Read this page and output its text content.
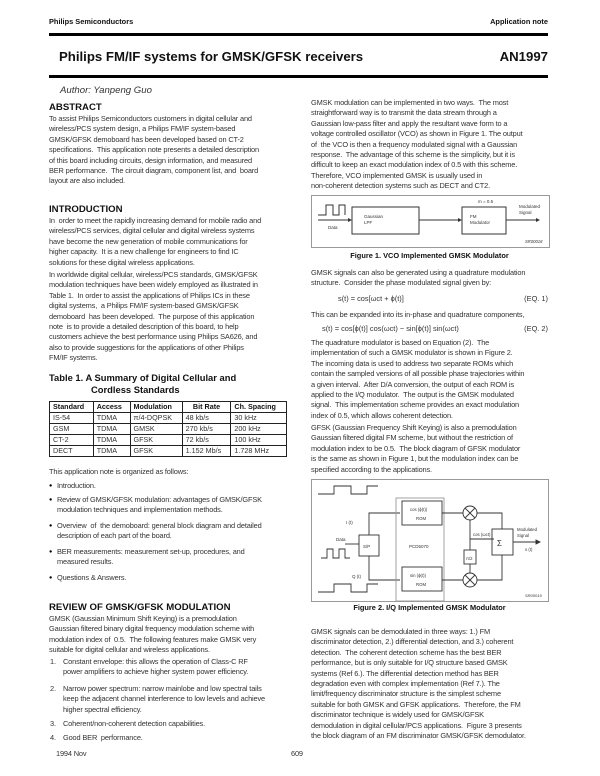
Philips Semiconductors	Application note
Philips FM/IF systems for GMSK/GFSK receivers	AN1997
Author: Yanpeng Guo
ABSTRACT
To assist Philips Semiconductors customers in digital cellular and
wireless/PCS system design, a Philips FM/IF system-based
GMSK/GFSK demoboard has been developed based on CT-2
specifications.  This application note presents a detailed description
of this board including circuits, design information, and measured
BER performance.  The circuit diagram, component list, and  board
layout are also included.
INTRODUCTION
In  order to meet the rapidly increasing demand for mobile radio and
wireless/PCS services, digital cellular and digital wireless systems
have become the new generation of mobile communications for
higher capacity.  It is a new challenge for engineers to find IC
solutions for these digital wireless applications.
In worldwide digital cellular, wireless/PCS standards, GMSK/GFSK
modulation techniques have been widely employed as illustrated in
Table 1.  In order to assist the applications of Philips ICs in these
digital systems,  a Philips FM/IF system-based GMSK/GFSK
demoboard  has been developed.  The purpose of this application
note  is to provide a detailed description of this board, to help
customers achieve the best performance using Philips SA626, and
also to provide suggestions for the applications of other Philips
FM/IF systems.
Table 1. A Summary of Digital Cellular and
Cordless Standards
Standard	Access	Modulation	Bit Rate	Ch. Spacing
IS-54	TDMA	π/4-DQPSK	48 kb/s	30 kHz
GSM	TDMA	GMSK	270 kb/s	200 kHz
CT-2	TDMA	GFSK	72 kb/s	100 kHz
DECT	TDMA	GFSK	1.152 Mb/s	1.728 MHz
This application note is organized as follows:
● Introduction.
● Review of GMSK/GFSK modulation: advantages of GMSK/GFSK
modulation techniques and implementation methods.
● Overview  of  the demoboard: general block diagram and detailed
description of each part of the board.
● BER measurements: measurement set-up, procedures, and
measured results.
● Questions & Answers.
REVIEW OF GMSK/GFSK MODULATION
GMSK (Gaussian Minimum Shift Keying) is a premodulation
Gaussian filtered binary digital frequency modulation scheme with
modulation index of  0.5.  The following features make GMSK very
suitable for digital cellular and wireless applications.
1. Constant envelope: this allows the operation of Class-C RF
power amplifiers to achieve higher system power efficiency.
2. Narrow power spectrum: narrow mainlobe and low spectral tails
keep the adjacent channel interference to low levels and achieve
higher spectral efficiency.
3. Coherent/non-coherent detection capabilities.
4. Good BER  performance.
1994 Nov	609
GMSK modulation can be implemented in two ways.  The most
straightforward way is to transmit the data stream through a
Gaussian low-pass filter and apply the resultant wave form to a
voltage controlled oscillator (VCO) as shown in Figure 1. The output
of  the VCO is then a frequency modulated signal with a Gaussian
response.  The advantage of this scheme is the simplicity, but it is
difficult to keep an exact modulation index of 0.5 with this scheme.
Therefore, VCO implemented GMSK is usually used in
non-coherent detection systems such as DECT and CT2.
Data
Gaussian
LPF
m = 0.5
FM
Modulator
Modulated
Signal
SR00018
Figure 1. VCO Implemented GMSK Modulator
GMSK signals can also be generated using a quadrature modulation
structure.  Consider the phase modulated signal given by:
s(t) = cos[ωct + ϕ(t)]	(EQ. 1)
This can be expanded into its in-phase and quadrature components,
s(t) = cos[ϕ(t)] cos(ωct) − sin[ϕ(t)] sin(ωct)	(EQ. 2)
The quadrature modulator is based on Equation (2).  The
implementation of such a GMSK modulator is shown in Figure 2.
The incoming data is used to address two separate ROMs which
contain the sampled versions of all possible phase trajectories within
a given interval.  After D/A conversion, the output of each ROM is
applied to the I/Q modulator.  The output is the GMSK modulated
signal.  This implementation scheme provides an exact modulation
index of 0.5, which allows coherent detection.
GFSK (Gaussian Frequency Shift Keying) is also a premodulation
Gaussian filtered digital FM scheme, but without the restriction of
modulation index to be 0.5.  The block diagram of GFSK modulator
is the same as shown in Figure 1, but the modulation index can be
specified according to the applications.
I (t)
Data
Q (t)
S/P
cos (ϕ(t))
ROM
sin (ϕ(t))
ROM
PCD5070
cos (ωct)
π/2
Σ
Modulated
Signal
s (t)
SR00019
Figure 2. I/Q Implemented GMSK Modulator
GMSK signals can be demodulated in three ways: 1.) FM
discriminator detection, 2.) differential detection, and 3.) coherent
detection.  The coherent detection scheme has the best BER
performance, but is only suitable for I/Q structure based GMSK
systems (Ref 6.). The differential detection method has BER
degradation even with complex implementation (Ref 7.). The
limit/frequency discriminator structure is the simplest scheme
suitable for both GMSK and GFSK applications.  Therefore, the FM
discriminator technique is widely used for GMSK/GFSK
demodulation in digital cellular/PCS applications.  Figure 3 presents
the block diagram of an FM discriminator GMSK/GFSK demodulator.
